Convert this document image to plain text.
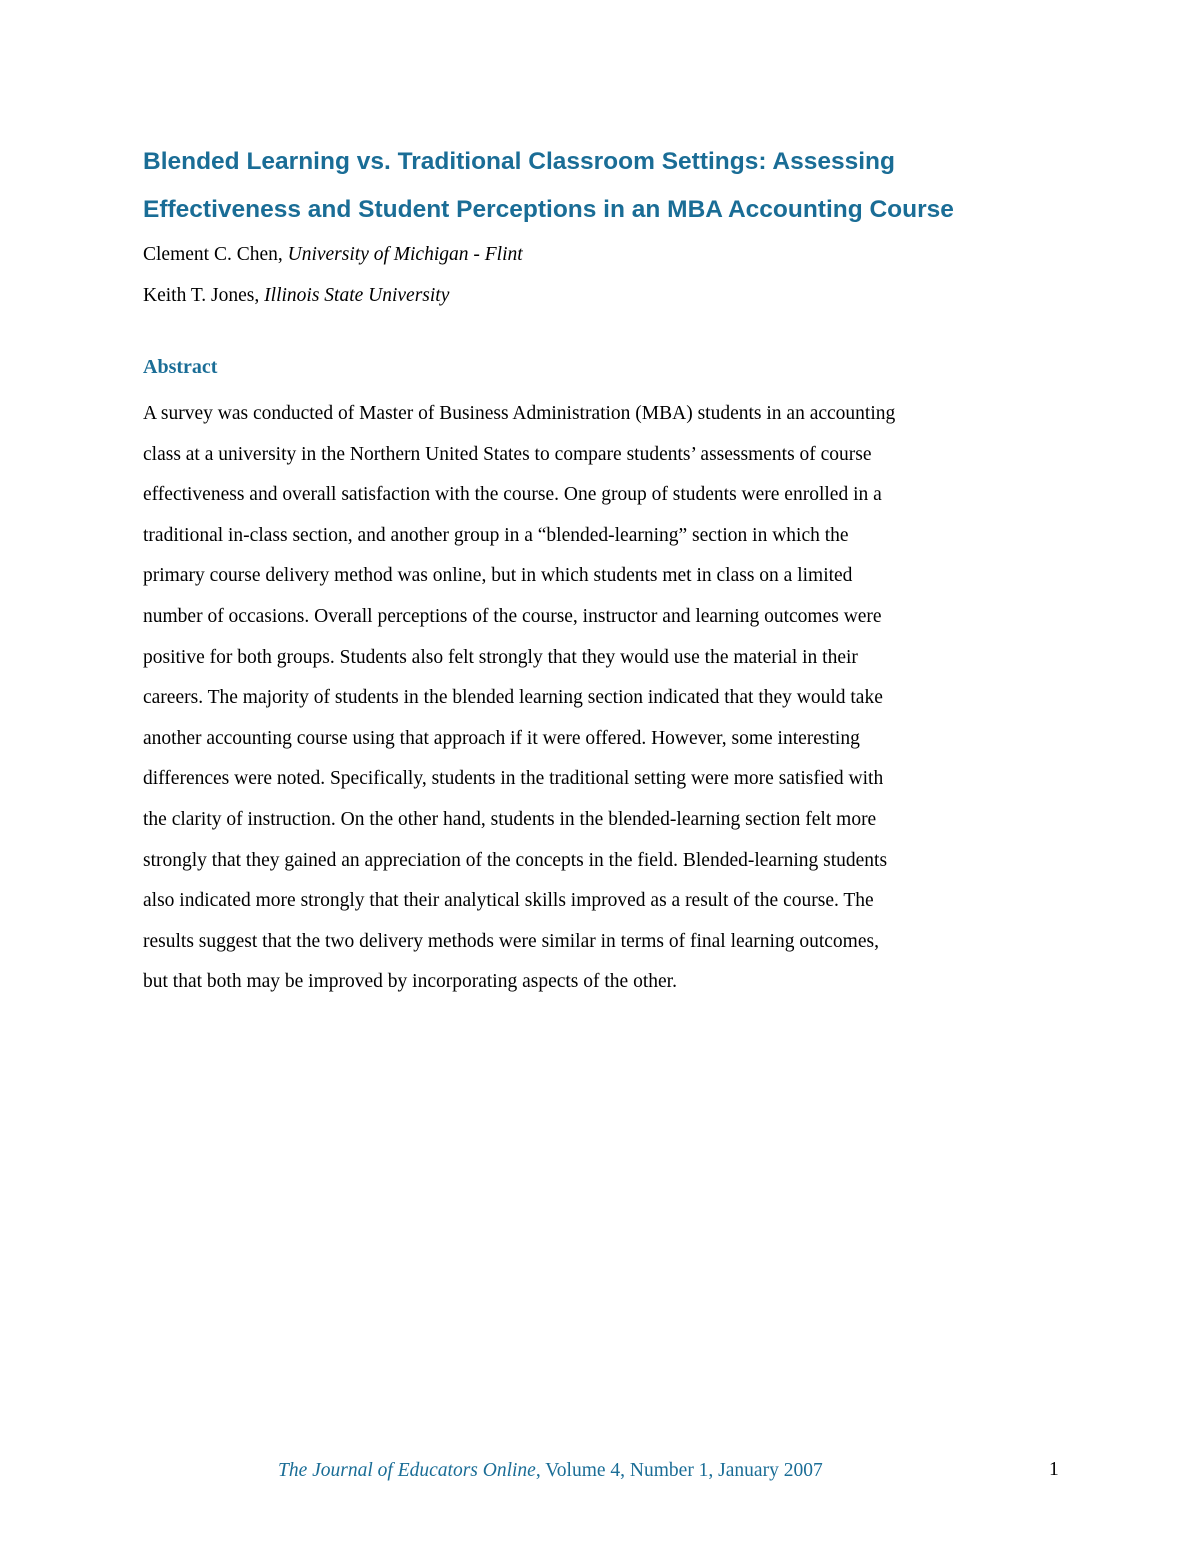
Blended Learning vs. Traditional Classroom Settings: Assessing
Effectiveness and Student Perceptions in an MBA Accounting Course
Clement C. Chen, University of Michigan - Flint
Keith T. Jones, Illinois State University
Abstract
A survey was conducted of Master of Business Administration (MBA) students in an accounting
class at a university in the Northern United States to compare students’ assessments of course
effectiveness and overall satisfaction with the course. One group of students were enrolled in a
traditional in-class section, and another group in a “blended-learning” section in which the
primary course delivery method was online, but in which students met in class on a limited
number of occasions. Overall perceptions of the course, instructor and learning outcomes were
positive for both groups. Students also felt strongly that they would use the material in their
careers. The majority of students in the blended learning section indicated that they would take
another accounting course using that approach if it were offered. However, some interesting
differences were noted. Specifically, students in the traditional setting were more satisfied with
the clarity of instruction. On the other hand, students in the blended-learning section felt more
strongly that they gained an appreciation of the concepts in the field. Blended-learning students
also indicated more strongly that their analytical skills improved as a result of the course. The
results suggest that the two delivery methods were similar in terms of final learning outcomes,
but that both may be improved by incorporating aspects of the other.
The Journal of Educators Online, Volume 4, Number 1, January 2007	1
